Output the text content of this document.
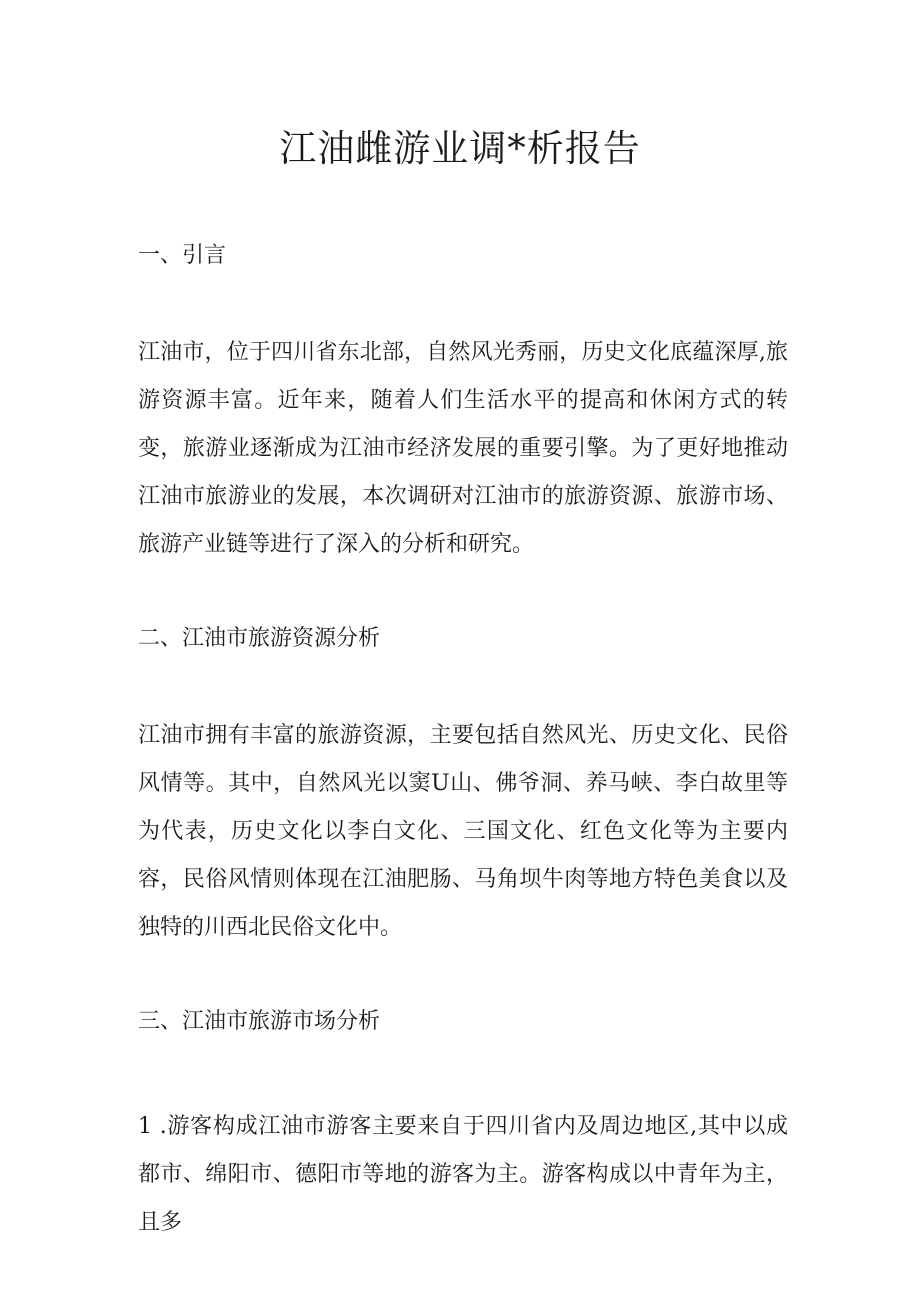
江油雌游业调*析报告
一、引言

江油市，位于四川省东北部，自然风光秀丽，历史文化底蕴深厚,旅游资源丰富。近年来，随着人们生活水平的提高和休闲方式的转变，旅游业逐渐成为江油市经济发展的重要引擎。为了更好地推动江油市旅游业的发展，本次调研对江油市的旅游资源、旅游市场、旅游产业链等进行了深入的分析和研究。

二、江油市旅游资源分析

江油市拥有丰富的旅游资源，主要包括自然风光、历史文化、民俗风情等。其中，自然风光以窦U山、佛爷洞、养马峡、李白故里等为代表，历史文化以李白文化、三国文化、红色文化等为主要内容，民俗风情则体现在江油肥肠、马角坝牛肉等地方特色美食以及独特的川西北民俗文化中。

三、江油市旅游市场分析

1 .游客构成江油市游客主要来自于四川省内及周边地区,其中以成都市、绵阳市、德阳市等地的游客为主。游客构成以中青年为主，且多
